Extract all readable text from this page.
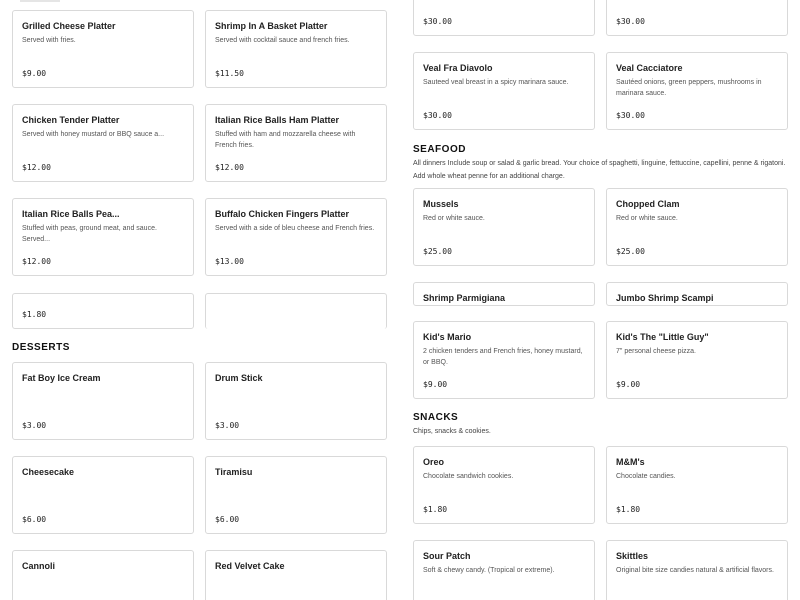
Grilled Cheese Platter
Served with fries.
$9.00
Shrimp In A Basket Platter
Served with cocktail sauce and french fries.
$11.50
Chicken Tender Platter
Served with honey mustard or BBQ sauce a...
$12.00
Italian Rice Balls Ham Platter
Stuffed with ham and mozzarella cheese with French fries.
$12.00
Italian Rice Balls Pea...
Stuffed with peas, ground meat, and sauce. Served...
$12.00
Buffalo Chicken Fingers Platter
Served with a side of bleu cheese and French fries.
$13.00
$1.80
DESSERTS
Fat Boy Ice Cream
$3.00
Drum Stick
$3.00
Cheesecake
$6.00
Tiramisu
$6.00
Cannoli	Red Velvet Cake
$30.00	$30.00
Veal Fra Diavolo
Sauteed veal breast in a spicy marinara sauce.
$30.00
Veal Cacciatore
Sautéed onions, green peppers, mushrooms in marinara sauce.
$30.00
SEAFOOD
All dinners Include soup or salad & garlic bread. Your choice of spaghetti, linguine, fettuccine, capellini, penne & rigatoni. Add whole wheat penne for an additional charge.
Mussels
Red or white sauce.
$25.00
Chopped Clam
Red or white sauce.
$25.00
Shrimp Parmigiana	Jumbo Shrimp Scampi
Kid's Mario
2 chicken tenders and French fries, honey mustard, or BBQ.
$9.00
Kid's The "Little Guy"
7" personal cheese pizza.
$9.00
SNACKS
Chips, snacks & cookies.
Oreo
Chocolate sandwich cookies.
$1.80
M&M's
Chocolate candies.
$1.80
Sour Patch
Soft & chewy candy. (Tropical or extreme).
Skittles
Original bite size candies natural & artificial flavors.
